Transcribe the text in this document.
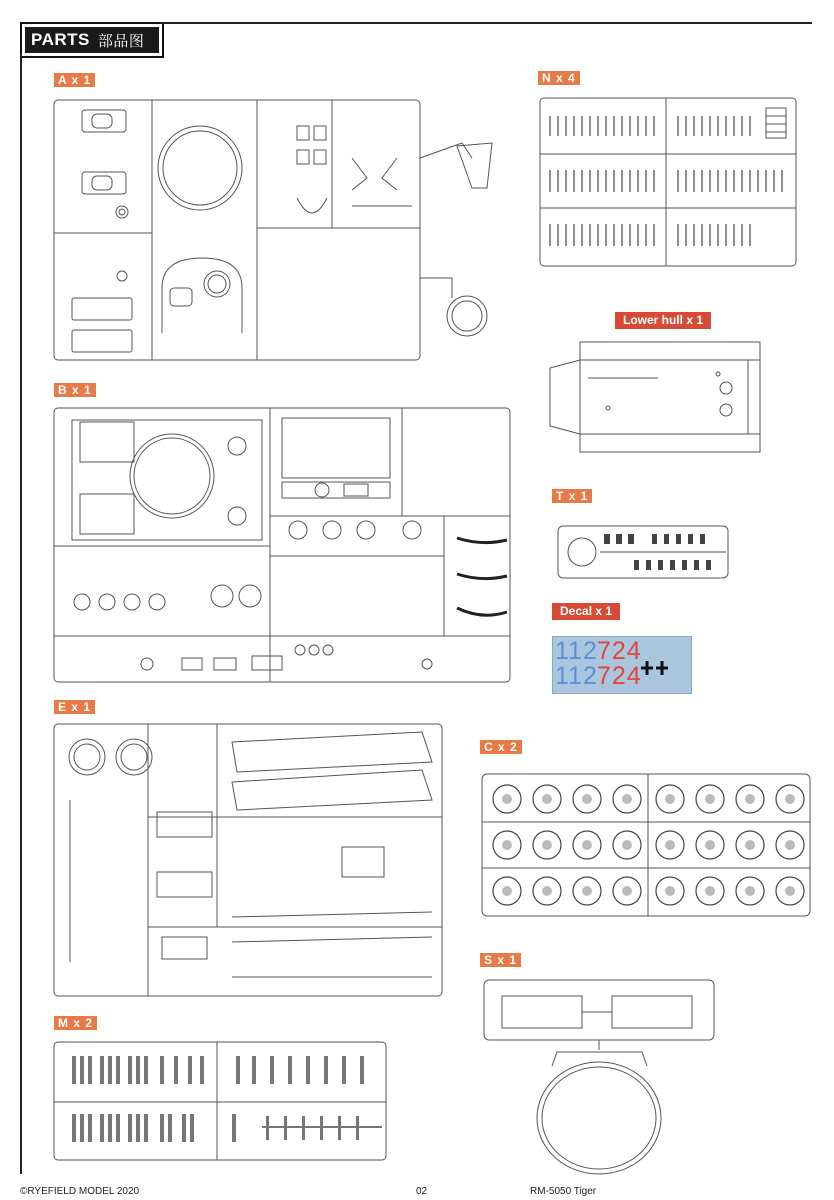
PARTS 部品图
A x 1	N x 4
Lower hull x 1
B x 1
T x 1
Decal x 1
E x 1
C x 2
S x 1
M x 2
112
112
724
724
©RYEFIELD MODEL 2020	02	RM-5050 Tiger
